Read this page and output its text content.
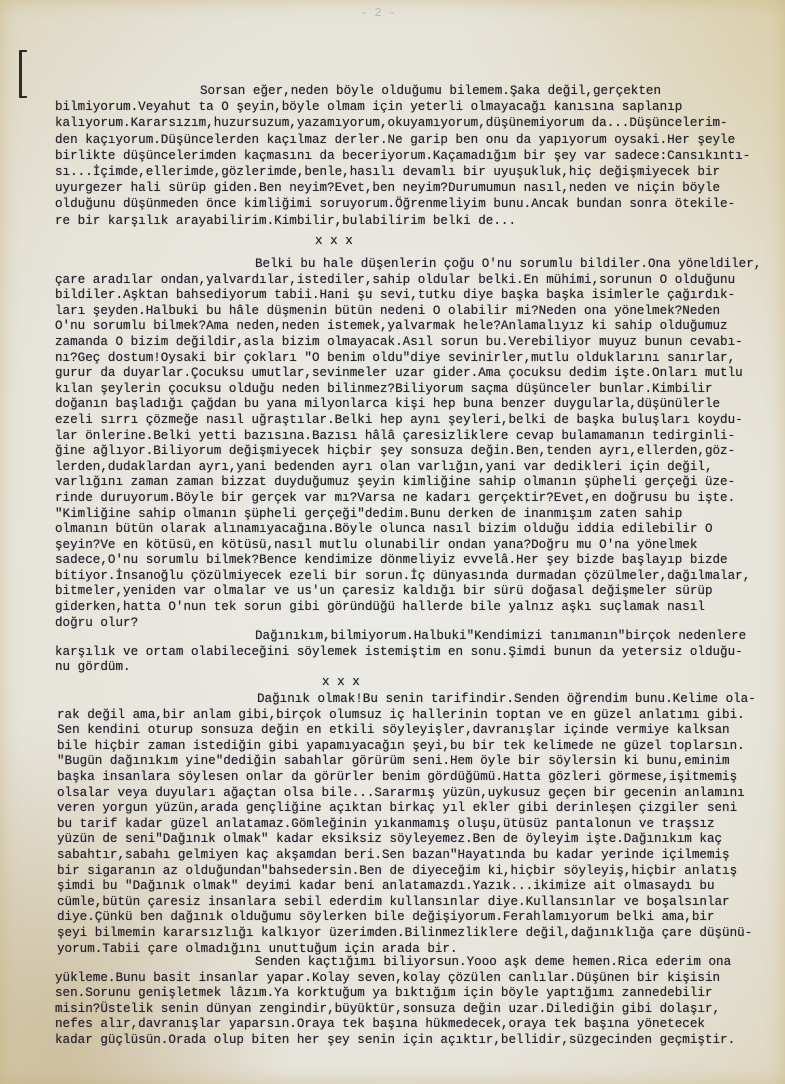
- 2 -
Sorsan eğer,neden böyle olduğumu bilemem.Şaka değil,gerçekten
bilmiyorum.Veyahut ta O şeyin,böyle olmam için yeterli olmayacağı kanısına saplanıp
kalıyorum.Kararsızım,huzursuzum,yazamıyorum,okuyamıyorum,düşünemiyorum da...Düşüncelerim-
den kaçıyorum.Düşüncelerden kaçılmaz derler.Ne garip ben onu da yapıyorum oysaki.Her şeyle
birlikte düşüncelerimden kaçmasını da beceriyorum.Kaçamadığım bir şey var sadece:Cansıkıntı-
sı...İçimde,ellerimde,gözlerimde,benle,hasılı devamlı bir uyuşukluk,hiç değişmiyecek bir
uyurgezer hali sürüp giden.Ben neyim?Evet,ben neyim?Durumumun nasıl,neden ve niçin böyle
olduğunu düşünmeden önce kimliğimi soruyorum.Öğrenmeliyim bunu.Ancak bundan sonra ötekile-
re bir karşılık arayabilirim.Kimbilir,bulabilirim belki de...
x x x
Belki bu hale düşenlerin çoğu O'nu sorumlu bildiler.Ona yöneldiler,
çare aradılar ondan,yalvardılar,istediler,sahip oldular belki.En mühimi,sorunun O olduğunu
bildiler.Aşktan bahsediyorum tabii.Hani şu sevi,tutku diye başka başka isimlerle çağırdık-
ları şeyden.Halbuki bu hâle düşmenin bütün nedeni O olabilir mi?Neden ona yönelmek?Neden
O'nu sorumlu bilmek?Ama neden,neden istemek,yalvarmak hele?Anlamalıyız ki sahip olduğumuz
zamanda O bizim değildir,asla bizim olmayacak.Asıl sorun bu.Verebiliyor muyuz bunun cevabı-
nı?Geç dostum!Oysaki bir çokları "O benim oldu"diye sevinirler,mutlu olduklarını sanırlar,
gurur da duyarlar.Çocuksu umutlar,sevinmeler uzar gider.Ama çocuksu dedim işte.Onları mutlu
kılan şeylerin çocuksu olduğu neden bilinmez?Biliyorum saçma düşünceler bunlar.Kimbilir
doğanın başladığı çağdan bu yana milyonlarca kişi hep buna benzer duygularla,düşünülerle
ezeli sırrı çözmeğe nasıl uğraştılar.Belki hep aynı şeyleri,belki de başka buluşları koydu-
lar önlerine.Belki yetti bazısına.Bazısı hâlâ çaresizliklere cevap bulamamanın tedirginli-
ğine ağlıyor.Biliyorum değişmiyecek hiçbir şey sonsuza değin.Ben,tenden ayrı,ellerden,göz-
lerden,dudaklardan ayrı,yani bedenden ayrı olan varlığın,yani var dedikleri için değil,
varlığını zaman zaman bizzat duyduğumuz şeyin kimliğine sahip olmanın şüpheli gerçeği üze-
rinde duruyorum.Böyle bir gerçek var mı?Varsa ne kadarı gerçektir?Evet,en doğrusu bu işte.
"Kimliğine sahip olmanın şüpheli gerçeği"dedim.Bunu derken de inanmışım zaten sahip
olmanın bütün olarak alınamıyacağına.Böyle olunca nasıl bizim olduğu iddia edilebilir O
şeyin?Ve en kötüsü,en kötüsü,nasıl mutlu olunabilir ondan yana?Doğru mu O'na yönelmek
sadece,O'nu sorumlu bilmek?Bence kendimize dönmeliyiz evvelâ.Her şey bizde başlayıp bizde
bitiyor.İnsanoğlu çözülmiyecek ezeli bir sorun.İç dünyasında durmadan çözülmeler,dağılmalar,
bitmeler,yeniden var olmalar ve us'un çaresiz kaldığı bir sürü doğasal değişmeler sürüp
giderken,hatta O'nun tek sorun gibi göründüğü hallerde bile yalnız aşkı suçlamak nasıl
doğru olur?
Dağınıkım,bilmiyorum.Halbuki"Kendimizi tanımanın"birçok nedenlere
karşılık ve ortam olabileceğini söylemek istemiştim en sonu.Şimdi bunun da yetersiz olduğu-
nu gördüm.
x x x
Dağınık olmak!Bu senin tarifindir.Senden öğrendim bunu.Kelime ola-
rak değil ama,bir anlam gibi,birçok olumsuz iç hallerinin toptan ve en güzel anlatımı gibi.
Sen kendini oturup sonsuza değin en etkili söyleyişler,davranışlar içinde vermiye kalksan
bile hiçbir zaman istediğin gibi yapamıyacağın şeyi,bu bir tek kelimede ne güzel toplarsın.
"Bugün dağınıkım yine"dediğin sabahlar görürüm seni.Hem öyle bir söylersin ki bunu,eminim
başka insanlara söylesen onlar da görürler benim gördüğümü.Hatta gözleri görmese,işitmemiş
olsalar veya duyuları ağaçtan olsa bile...Sararmış yüzün,uykusuz geçen bir gecenin anlamını
veren yorgun yüzün,arada gençliğine açıktan birkaç yıl ekler gibi derinleşen çizgiler seni
bu tarif kadar güzel anlatamaz.Gömleğinin yıkanmamış oluşu,ütüsüz pantalonun ve traşsız
yüzün de seni"Dağınık olmak" kadar eksiksiz söyleyemez.Ben de öyleyim işte.Dağınıkım kaç
sabahtır,sabahı gelmiyen kaç akşamdan beri.Sen bazan"Hayatında bu kadar yerinde içilmemiş
bir sigaranın az olduğundan"bahsedersin.Ben de diyeceğim ki,hiçbir söyleyiş,hiçbir anlatış
şimdi bu "Dağınık olmak" deyimi kadar beni anlatamazdı.Yazık...ikimize ait olmasaydı bu
cümle,bütün çaresiz insanlara sebil ederdim kullansınlar diye.Kullansınlar ve boşalsınlar
diye.Çünkü ben dağınık olduğumu söylerken bile değişiyorum.Ferahlamıyorum belki ama,bir
şeyi bilmemin kararsızlığı kalkıyor üzerimden.Bilinmezliklere değil,dağınıklığa çare düşünü-
yorum.Tabii çare olmadığını unuttuğum için arada bir.
Senden kaçtığımı biliyorsun.Yooo aşk deme hemen.Rica ederim ona
yükleme.Bunu basit insanlar yapar.Kolay seven,kolay çözülen canlılar.Düşünen bir kişisin
sen.Sorunu genişletmek lâzım.Ya korktuğum ya bıktığım için böyle yaptığımı zannedebilir
misin?Üstelik senin dünyan zengindir,büyüktür,sonsuza değin uzar.Dilediğin gibi dolaşır,
nefes alır,davranışlar yaparsın.Oraya tek başına hükmedecek,oraya tek başına yönetecek
kadar güçlüsün.Orada olup biten her şey senin için açıktır,bellidir,süzgecinden geçmiştir.
